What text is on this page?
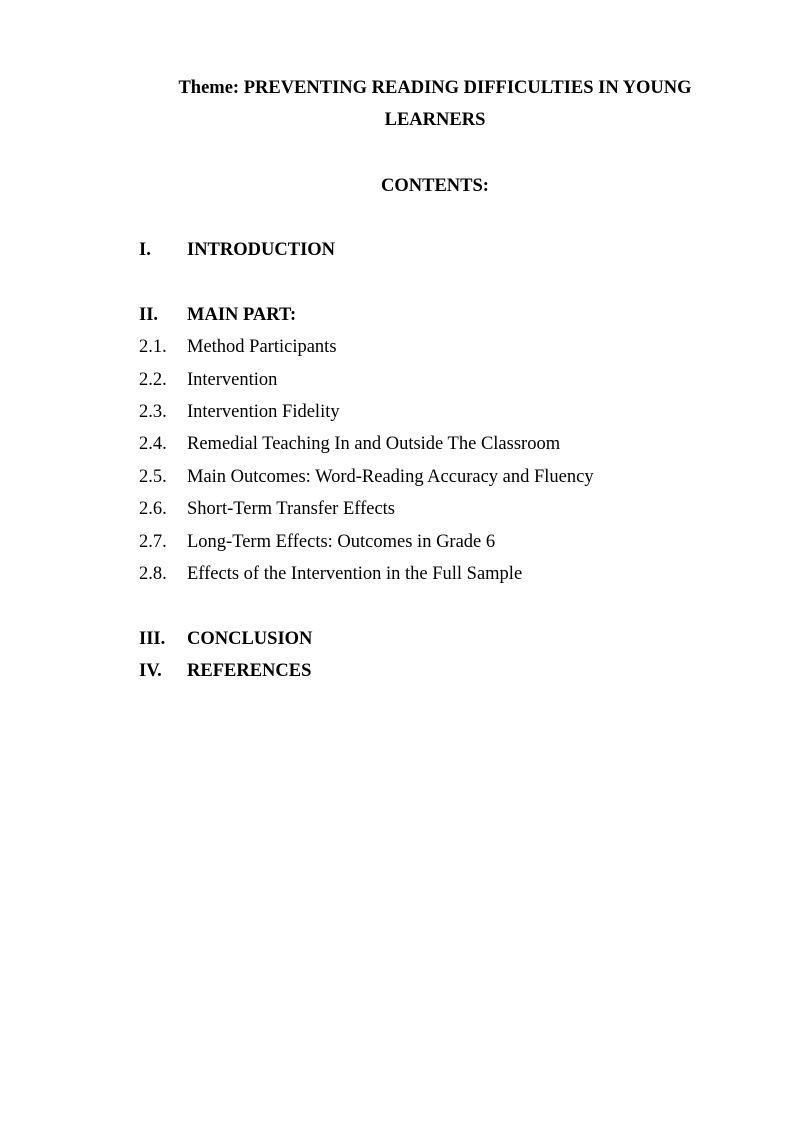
Theme: PREVENTING READING DIFFICULTIES IN YOUNG LEARNERS
CONTENTS:
I. INTRODUCTION
II. MAIN PART:
2.1. Method Participants
2.2. Intervention
2.3. Intervention Fidelity
2.4. Remedial Teaching In and Outside The Classroom
2.5. Main Outcomes: Word-Reading Accuracy and Fluency
2.6. Short-Term Transfer Effects
2.7. Long-Term Effects: Outcomes in Grade 6
2.8. Effects of the Intervention in the Full Sample
III. CONCLUSION
IV. REFERENCES
